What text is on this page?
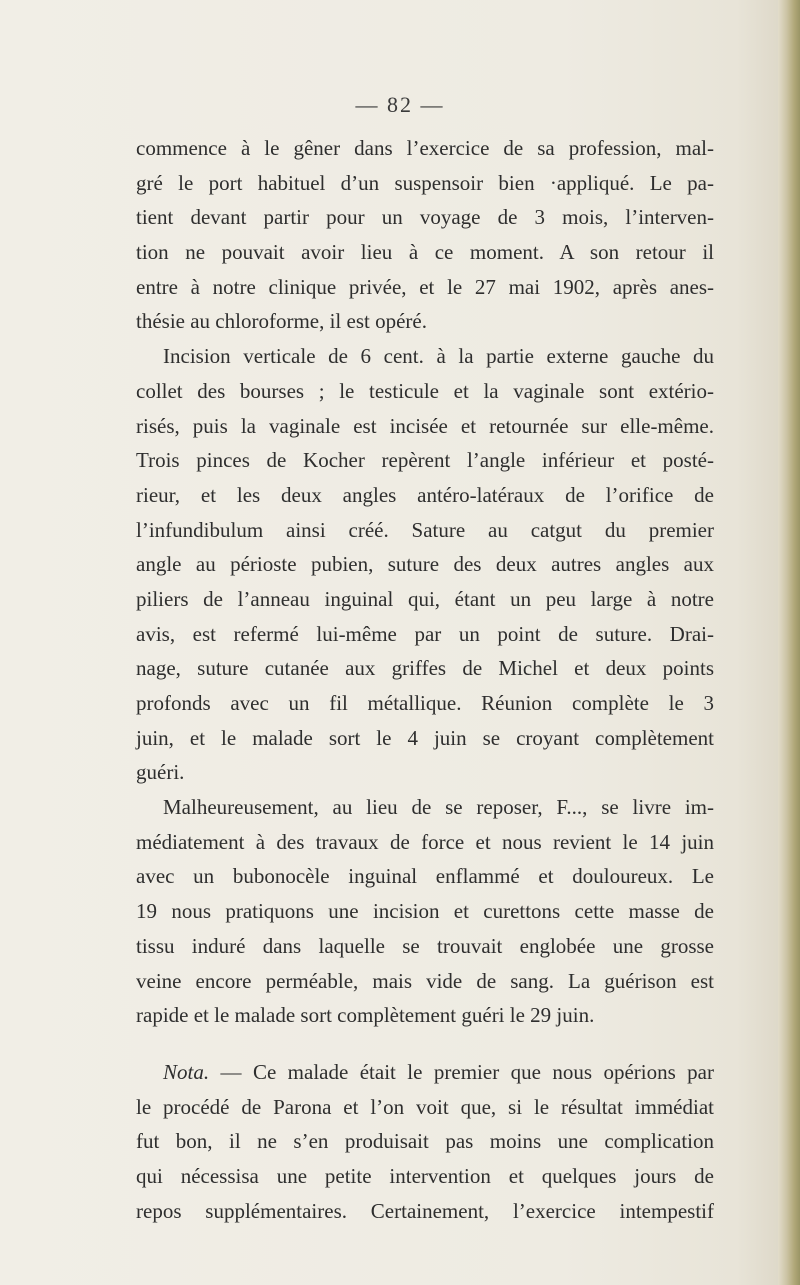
— 82 —
commence à le gêner dans l’exercice de sa profession, mal-
gré le port habituel d’un suspensoir bien ·appliqué. Le pa-
tient devant partir pour un voyage de 3 mois, l’interven-
tion ne pouvait avoir lieu à ce moment. A son retour il
entre à notre clinique privée, et le 27 mai 1902, après anes-
thésie au chloroforme, il est opéré.
Incision verticale de 6 cent. à la partie externe gauche du
collet des bourses ; le testicule et la vaginale sont extério-
risés, puis la vaginale est incisée et retournée sur elle-même.
Trois pinces de Kocher repèrent l’angle inférieur et posté-
rieur, et les deux angles antéro-latéraux de l’orifice de
l’infundibulum ainsi créé. Sature au catgut du premier
angle au périoste pubien, suture des deux autres angles aux
piliers de l’anneau inguinal qui, étant un peu large à notre
avis, est refermé lui-même par un point de suture. Drai-
nage, suture cutanée aux griffes de Michel et deux points
profonds avec un fil métallique. Réunion complète le 3
juin, et le malade sort le 4 juin se croyant complètement
guéri.
Malheureusement, au lieu de se reposer, F..., se livre im-
médiatement à des travaux de force et nous revient le 14 juin
avec un bubonocèle inguinal enflammé et douloureux. Le
19 nous pratiquons une incision et curettons cette masse de
tissu induré dans laquelle se trouvait englobée une grosse
veine encore perméable, mais vide de sang. La guérison est
rapide et le malade sort complètement guéri le 29 juin.
Nota. — Ce malade était le premier que nous opérions par
le procédé de Parona et l’on voit que, si le résultat immédiat
fut bon, il ne s’en produisait pas moins une complication
qui nécessisa une petite intervention et quelques jours de
repos supplémentaires. Certainement, l’exercice intempestif
